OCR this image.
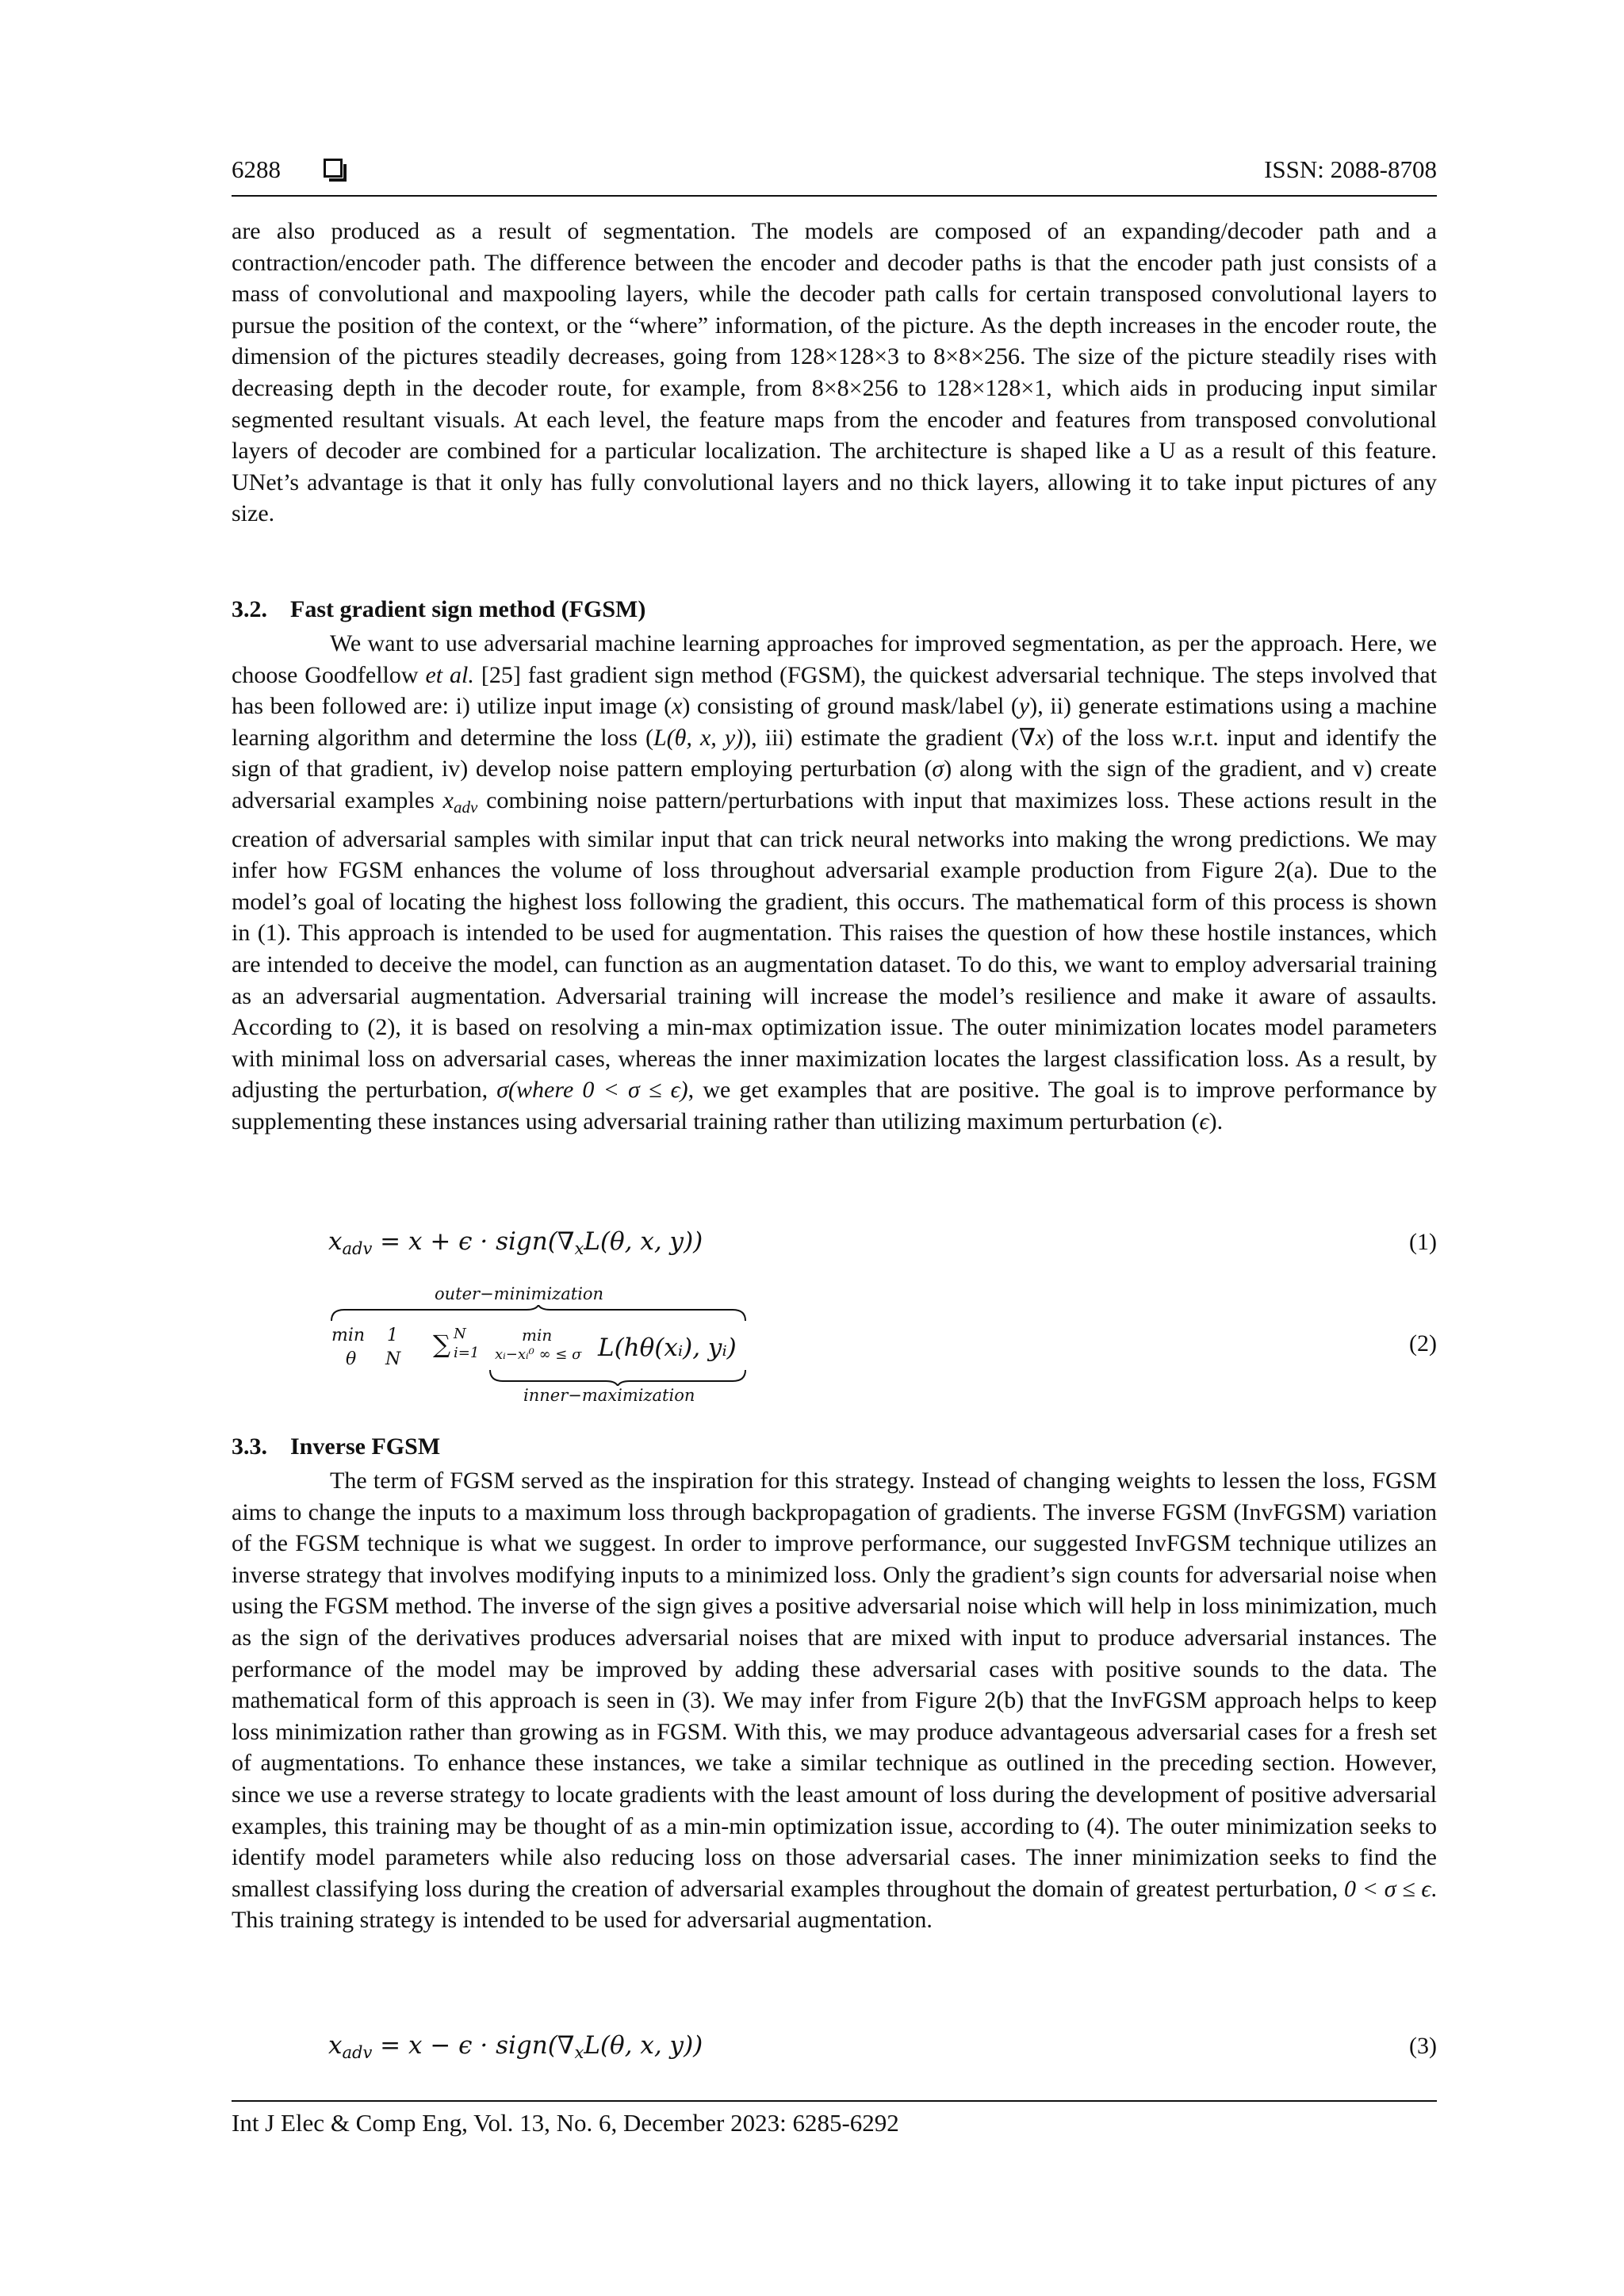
6288	ISSN: 2088-8708

are also produced as a result of segmentation. The models are composed of an expanding/decoder path and a contraction/encoder path. The difference between the encoder and decoder paths is that the encoder path just consists of a mass of convolutional and maxpooling layers, while the decoder path calls for certain transposed convolutional layers to pursue the position of the context, or the “where” information, of the picture. As the depth increases in the encoder route, the dimension of the pictures steadily decreases, going from 128×128×3 to 8×8×256. The size of the picture steadily rises with decreasing depth in the decoder route, for example, from 8×8×256 to 128×128×1, which aids in producing input similar segmented resultant visuals. At each level, the feature maps from the encoder and features from transposed convolutional layers of decoder are combined for a particular localization. The architecture is shaped like a U as a result of this feature. UNet’s advantage is that it only has fully convolutional layers and no thick layers, allowing it to take input pictures of any size.

3.2. Fast gradient sign method (FGSM)

We want to use adversarial machine learning approaches for improved segmentation, as per the approach. Here, we choose Goodfellow et al. [25] fast gradient sign method (FGSM), the quickest adversarial technique. The steps involved that has been followed are: i) utilize input image (x) consisting of ground mask/label (y), ii) generate estimations using a machine learning algorithm and determine the loss (L(θ, x, y)), iii) estimate the gradient (∇x) of the loss w.r.t. input and identify the sign of that gradient, iv) develop noise pattern employing perturbation (σ) along with the sign of the gradient, and v) create adversarial examples $x_{adv}$ combining noise pattern/perturbations with input that maximizes loss. These actions result in the creation of adversarial samples with similar input that can trick neural networks into making the wrong predictions. We may infer how FGSM enhances the volume of loss throughout adversarial example production from Figure 2(a). Due to the model’s goal of locating the highest loss following the gradient, this occurs. The mathematical form of this process is shown in (1). This approach is intended to be used for augmentation. This raises the question of how these hostile instances, which are intended to deceive the model, can function as an augmentation dataset. To do this, we want to employ adversarial training as an adversarial augmentation. Adversarial training will increase the model’s resilience and make it aware of assaults. According to (2), it is based on resolving a min-max optimization issue. The outer minimization locates model parameters with minimal loss on adversarial cases, whereas the inner maximization locates the largest classification loss. As a result, by adjusting the perturbation, σ(where 0 < σ ≤ ϵ), we get examples that are positive. The goal is to improve performance by supplementing these instances using adversarial training rather than utilizing maximum perturbation (ϵ).

$x_{adv} = x + \epsilon$ · $sign(\nabla_xL(\theta$, x, y))	(1)
outer−minimization
min
θ
1
N
∑ N
i=1
min
xᵢ−xᵢ⁰ ∞ ≤ σ L(hθ(xᵢ), yᵢ)
inner−maximization
(2)
3.3. Inverse FGSM

The term of FGSM served as the inspiration for this strategy. Instead of changing weights to lessen the loss, FGSM aims to change the inputs to a maximum loss through backpropagation of gradients. The inverse FGSM (InvFGSM) variation of the FGSM technique is what we suggest. In order to improve performance, our suggested InvFGSM technique utilizes an inverse strategy that involves modifying inputs to a minimized loss. Only the gradient’s sign counts for adversarial noise when using the FGSM method. The inverse of the sign gives a positive adversarial noise which will help in loss minimization, much as the sign of the derivatives produces adversarial noises that are mixed with input to produce adversarial instances. The performance of the model may be improved by adding these adversarial cases with positive sounds to the data. The mathematical form of this approach is seen in (3). We may infer from Figure 2(b) that the InvFGSM approach helps to keep loss minimization rather than growing as in FGSM. With this, we may produce advantageous adversarial cases for a fresh set of augmentations. To enhance these instances, we take a similar technique as outlined in the preceding section. However, since we use a reverse strategy to locate gradients with the least amount of loss during the development of positive adversarial examples, this training may be thought of as a min-min optimization issue, according to (4). The outer minimization seeks to identify model parameters while also reducing loss on those adversarial cases. The inner minimization seeks to find the smallest classifying loss during the creation of adversarial examples throughout the domain of greatest perturbation, 0 < σ ≤ ϵ. This training strategy is intended to be used for adversarial augmentation.

$x_{adv} = x - \epsilon$ · $sign(\nabla_xL(\theta$, x, y))	(3)
Int J Elec & Comp Eng, Vol. 13, No. 6, December 2023: 6285-6292
